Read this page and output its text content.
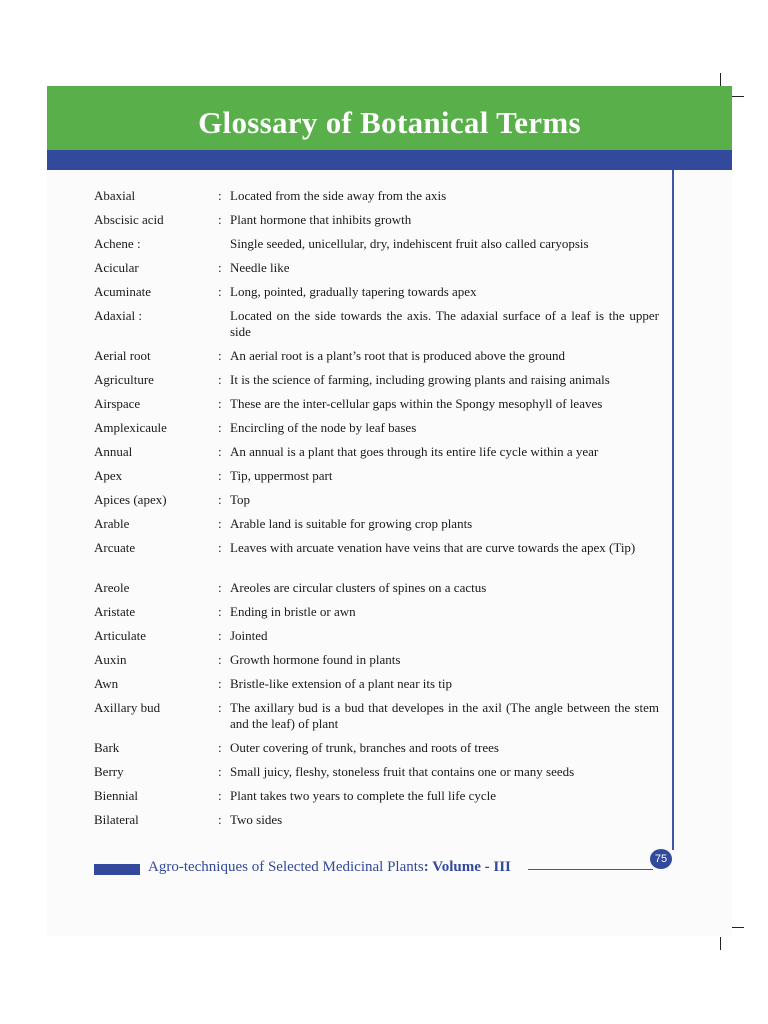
Glossary of Botanical Terms
Abaxial	: Located from the side away from the axis
Abscisic acid	: Plant hormone that inhibits growth
Achene :	Single seeded, unicellular, dry, indehiscent fruit also called caryopsis
Acicular	: Needle like
Acuminate	: Long, pointed, gradually tapering towards apex
Adaxial :	Located on the side towards the axis. The adaxial surface of a leaf is the upper side
Aerial root	: An aerial root is a plant’s root that is produced above the ground
Agriculture	: It is the science of farming, including growing plants and raising animals
Airspace	: These are the inter-cellular gaps within the Spongy mesophyll of leaves
Amplexicaule	: Encircling of the node by leaf bases
Annual	: An annual is a plant that goes through its entire life cycle within a year
Apex	: Tip, uppermost part
Apices (apex)	: Top
Arable	: Arable land is suitable for growing crop plants
Arcuate	: Leaves with arcuate venation have veins that are curve towards the apex (Tip)
Areole	: Areoles are circular clusters of spines on a cactus
Aristate	: Ending in bristle or awn
Articulate	: Jointed
Auxin	: Growth hormone found in plants
Awn	: Bristle-like extension of a plant near its tip
Axillary bud	: The axillary bud is a bud that developes in the axil (The angle between the stem and the leaf) of plant
Bark	: Outer covering of trunk, branches and roots of trees
Berry	: Small juicy, fleshy, stoneless fruit that contains one or many seeds
Biennial	: Plant takes two years to complete the full life cycle
Bilateral	: Two sides
Agro-techniques of Selected Medicinal Plants: Volume - III	75
